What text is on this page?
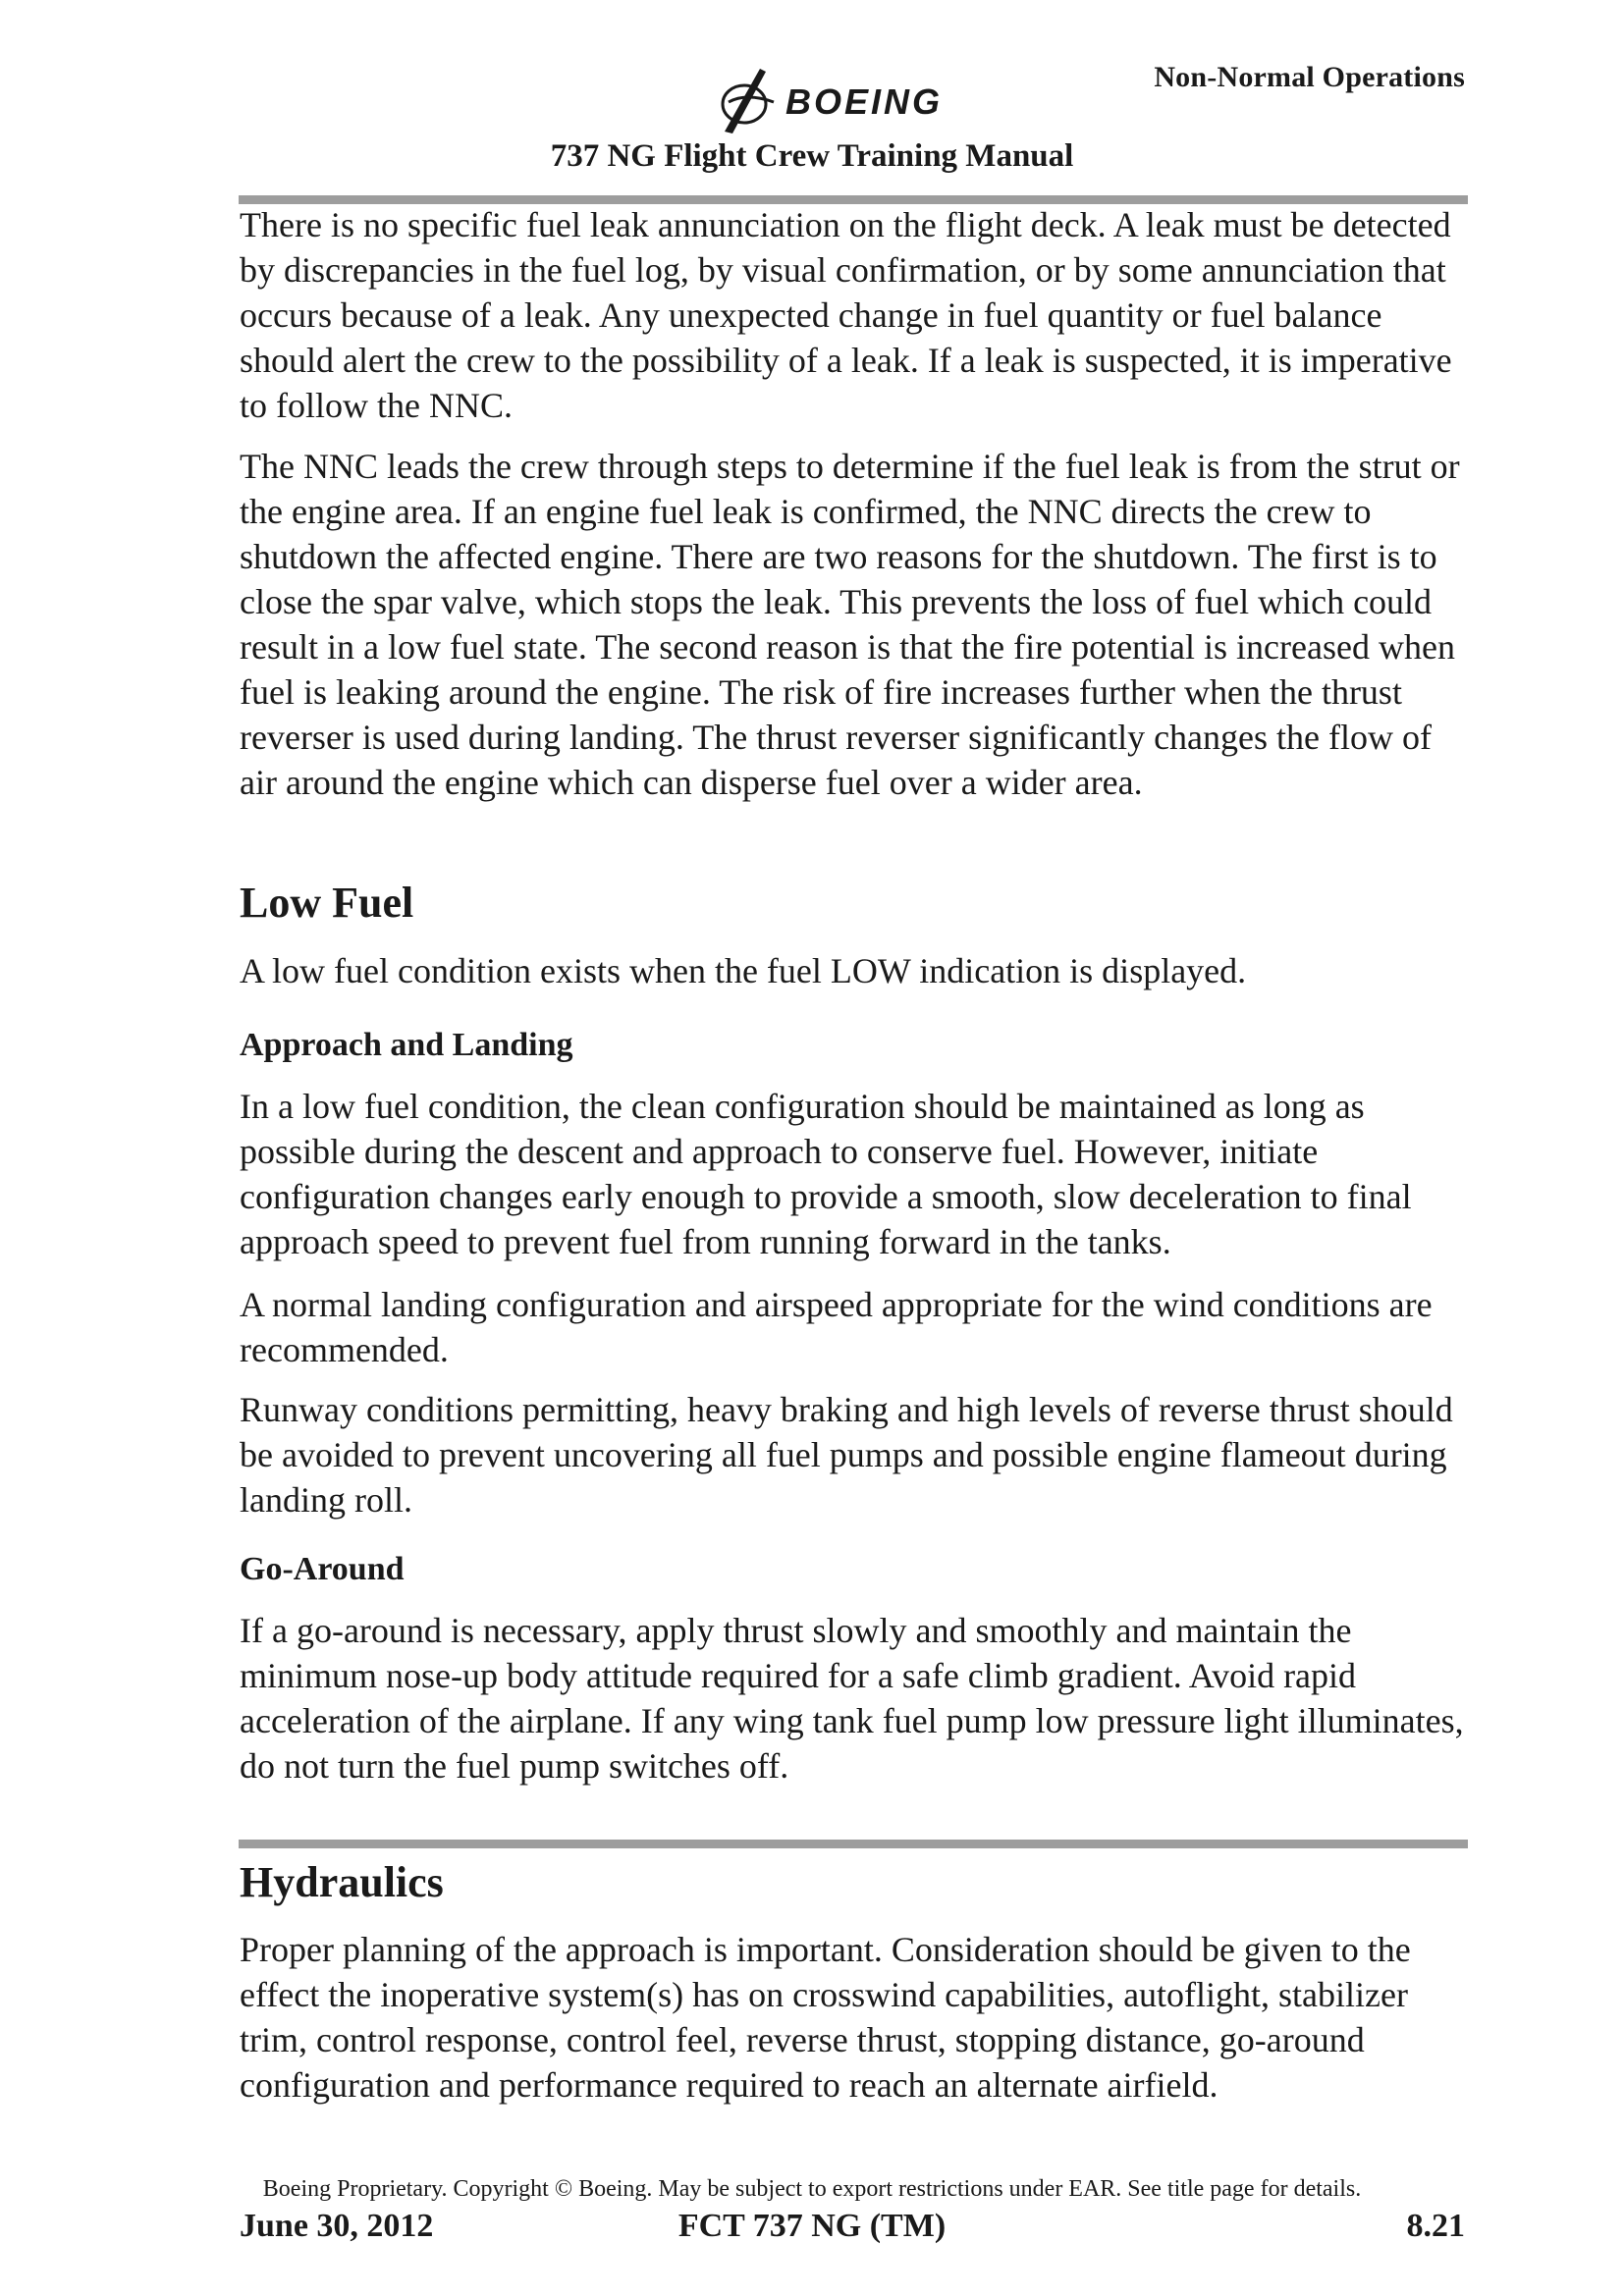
Non-Normal Operations
BOEING
737 NG Flight Crew Training Manual

There is no specific fuel leak annunciation on the flight deck. A leak must be detected by discrepancies in the fuel log, by visual confirmation, or by some annunciation that occurs because of a leak. Any unexpected change in fuel quantity or fuel balance should alert the crew to the possibility of a leak. If a leak is suspected, it is imperative to follow the NNC.

The NNC leads the crew through steps to determine if the fuel leak is from the strut or the engine area. If an engine fuel leak is confirmed, the NNC directs the crew to shutdown the affected engine. There are two reasons for the shutdown. The first is to close the spar valve, which stops the leak. This prevents the loss of fuel which could result in a low fuel state. The second reason is that the fire potential is increased when fuel is leaking around the engine. The risk of fire increases further when the thrust reverser is used during landing. The thrust reverser significantly changes the flow of air around the engine which can disperse fuel over a wider area.

Low Fuel

A low fuel condition exists when the fuel LOW indication is displayed.

Approach and Landing

In a low fuel condition, the clean configuration should be maintained as long as possible during the descent and approach to conserve fuel. However, initiate configuration changes early enough to provide a smooth, slow deceleration to final approach speed to prevent fuel from running forward in the tanks.

A normal landing configuration and airspeed appropriate for the wind conditions are recommended.

Runway conditions permitting, heavy braking and high levels of reverse thrust should be avoided to prevent uncovering all fuel pumps and possible engine flameout during landing roll.

Go-Around

If a go-around is necessary, apply thrust slowly and smoothly and maintain the minimum nose-up body attitude required for a safe climb gradient. Avoid rapid acceleration of the airplane. If any wing tank fuel pump low pressure light illuminates, do not turn the fuel pump switches off.

Hydraulics

Proper planning of the approach is important. Consideration should be given to the effect the inoperative system(s) has on crosswind capabilities, autoflight, stabilizer trim, control response, control feel, reverse thrust, stopping distance, go-around configuration and performance required to reach an alternate airfield.

Boeing Proprietary. Copyright © Boeing. May be subject to export restrictions under EAR. See title page for details.
June 30, 2012	FCT 737 NG (TM)	8.21
